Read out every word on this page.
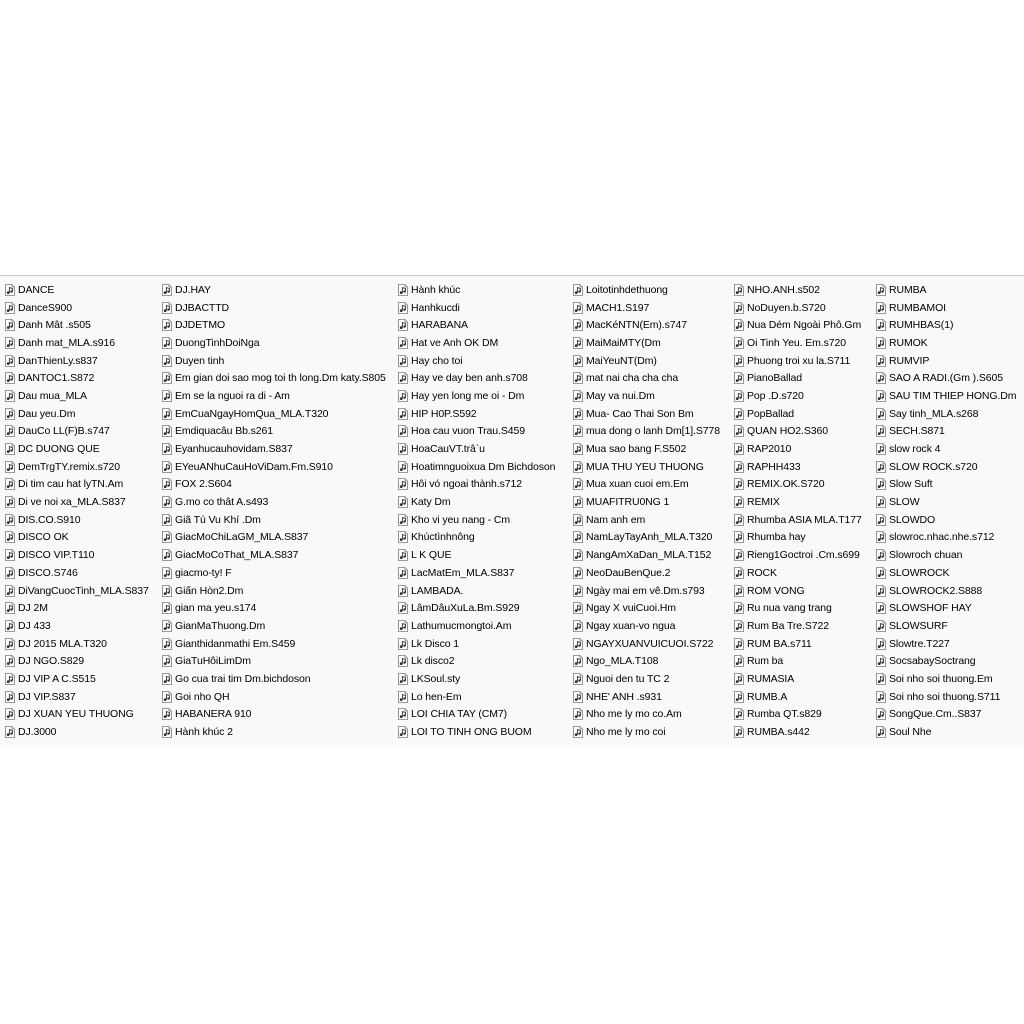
DANCE
DanceS900
Danh Mât .s505
Danh mat_MLA.s916
DanThienLy.s837
DANTOC1.S872
Dau mua_MLA
Dau yeu.Dm
DauCo LL(F)B.s747
DC DUONG QUE
DemTrgTY.remix.s720
Di tim cau hat lyTN.Am
Di ve noi xa_MLA.S837
DIS.CO.S910
DISCO OK
DISCO VIP.T110
DISCO.S746
DiVangCuocTinh_MLA.S837
DJ 2M
DJ 433
DJ 2015 MLA.T320
DJ NGO.S829
DJ VIP A C.S515
DJ VIP.S837
DJ XUAN YEU THUONG
DJ.3000
DJ.HAY
DJBACTTD
DJDETMO
DuongTinhDoiNga
Duyen tinh
Em gian doi sao mog toi th long.Dm katy.S805
Em se la nguoi ra di - Am
EmCuaNgayHomQua_MLA.T320
Emdiquacâu Bb.s261
Eyanhucauhovidam.S837
EYeuANhuCauHoViDam.Fm.S910
FOX 2.S604
G.mo co thât A.s493
Giã Tù Vu Khí .Dm
GiacMoChiLaGM_MLA.S837
GiacMoCoThat_MLA.S837
giacmo-ty! F
Giấn Hòn2.Dm
gian ma yeu.s174
GianMaThuong.Dm
Gianthidanmathi Em.S459
GiaTuHôiLimDm
Go cua trai tim Dm.bichdoson
Goi nho QH
HABANERA 910
Hành khúc 2
Hành khúc
Hanhkucdi
HARABANA
Hat ve Anh OK DM
Hay cho toi
Hay ve day ben anh.s708
Hay yen long me oi - Dm
HIP H0P.S592
Hoa cau vuon Trau.S459
HoaCauVT.trâ`u
Hoatimnguoixua Dm Bichdoson
Hôi vó ngoai thành.s712
Katy Dm
Kho vi yeu nang - Cm
Khúctìnhnông
L K QUE
LacMatEm_MLA.S837
LAMBADA.
LâmDâuXuLa.Bm.S929
Lathumucmongtoi.Am
Lk Disco 1
Lk disco2
LKSoul.sty
Lo hen-Em
LOI CHIA TAY (CM7)
LOI TO TINH ONG BUOM
Loitotinhdethuong
MACH1.S197
MacKéNTN(Em).s747
MaiMaiMTY(Dm
MaiYeuNT(Dm)
mat nai cha cha cha
May va nui.Dm
Mua- Cao Thai Son Bm
mua dong o lanh Dm[1].S778
Mua sao bang F.S502
MUA THU YEU THUONG
Mua xuan cuoi em.Em
MUAFITRU0NG 1
Nam anh em
NamLayTayAnh_MLA.T320
NangAmXaDan_MLA.T152
NeoDauBenQue.2
Ngày mai em vê.Dm.s793
Ngay X vuiCuoi.Hm
Ngay xuan-vo ngua
NGAYXUANVUICUOI.S722
Ngo_MLA.T108
Nguoi den tu TC 2
NHE' ANH .s931
Nho me ly mo co.Am
Nho me ly mo coi
NHO.ANH.s502
NoDuyen.b.S720
Nua Dém Ngoài Phô.Gm
Oi Tinh Yeu. Em.s720
Phuong troi xu la.S711
PianoBallad
Pop .D.s720
PopBallad
QUAN HO2.S360
RAP2010
RAPHH433
REMIX.OK.S720
REMIX
Rhumba ASIA MLA.T177
Rhumba hay
Rieng1Goctroi .Cm.s699
ROCK
ROM VONG
Ru nua vang trang
Rum Ba Tre.S722
RUM BA.s711
Rum ba
RUMASIA
RUMB.A
Rumba QT.s829
RUMBA.s442
RUMBA
RUMBAMOI
RUMHBAS(1)
RUMOK
RUMVIP
SAO A RADI.(Gm ).S605
SAU TIM THIEP HONG.Dm
Say tinh_MLA.s268
SECH.S871
slow rock 4
SLOW ROCK.s720
Slow Suft
SLOW
SLOWDO
slowroc.nhac.nhe.s712
Slowroch chuan
SLOWROCK
SLOWROCK2.S888
SLOWSHOF HAY
SLOWSURF
Slowtre.T227
SocsabaySoctrang
Soi nho soi thuong.Em
Soi nho soi thuong.S711
SongQue.Cm..S837
Soul Nhe
